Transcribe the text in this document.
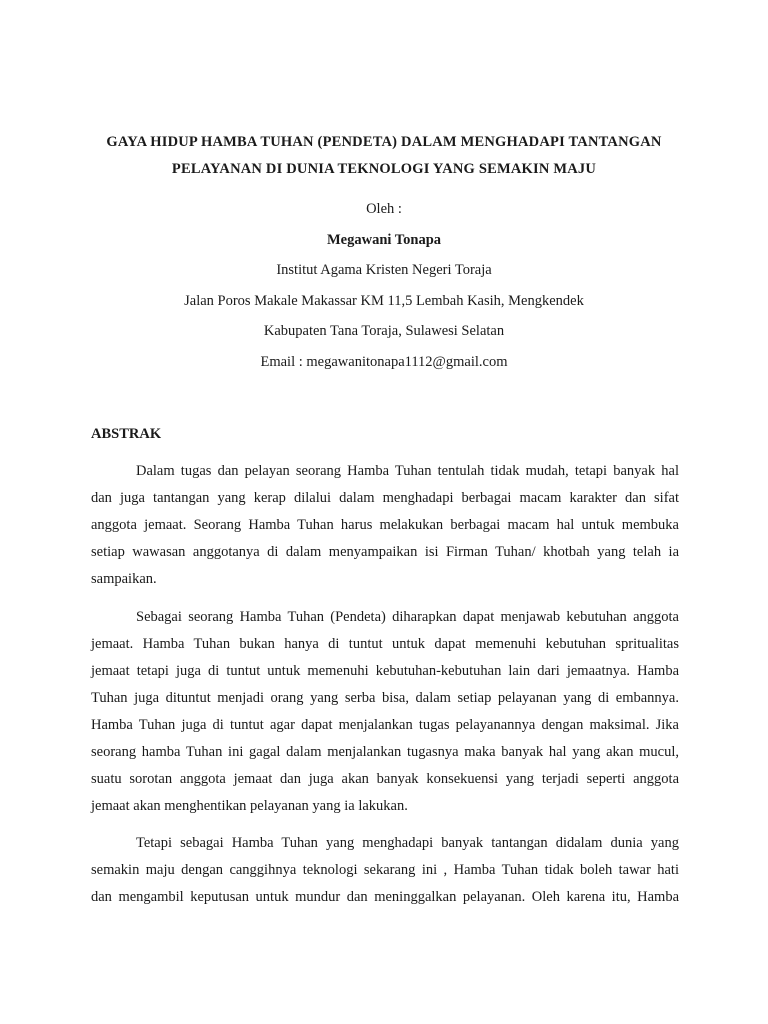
GAYA HIDUP HAMBA TUHAN (PENDETA) DALAM MENGHADAPI TANTANGAN
PELAYANAN DI DUNIA TEKNOLOGI YANG SEMAKIN MAJU
Oleh :
Megawani Tonapa
Institut Agama Kristen Negeri Toraja
Jalan Poros Makale Makassar KM 11,5 Lembah Kasih, Mengkendek
Kabupaten Tana Toraja, Sulawesi Selatan
Email : megawanitonapa1112@gmail.com
ABSTRAK
Dalam tugas dan pelayan seorang Hamba Tuhan tentulah tidak mudah, tetapi banyak hal
dan juga tantangan yang kerap dilalui dalam menghadapi berbagai macam karakter dan sifat
anggota jemaat. Seorang Hamba Tuhan harus melakukan berbagai macam hal untuk membuka
setiap wawasan anggotanya di dalam menyampaikan isi Firman Tuhan/ khotbah yang telah ia
sampaikan.
Sebagai seorang Hamba Tuhan (Pendeta) diharapkan dapat menjawab kebutuhan anggota
jemaat. Hamba Tuhan bukan hanya di tuntut untuk dapat memenuhi kebutuhan spritualitas
jemaat tetapi juga di tuntut untuk memenuhi kebutuhan-kebutuhan lain dari jemaatnya. Hamba
Tuhan juga dituntut menjadi orang yang serba bisa, dalam setiap pelayanan yang di embannya.
Hamba Tuhan juga di tuntut agar dapat menjalankan tugas pelayanannya dengan maksimal. Jika
seorang hamba Tuhan ini gagal dalam menjalankan tugasnya maka banyak hal yang akan mucul,
suatu sorotan anggota jemaat dan juga akan banyak konsekuensi yang terjadi seperti anggota
jemaat akan menghentikan pelayanan yang ia lakukan.
Tetapi sebagai Hamba Tuhan yang menghadapi banyak tantangan didalam dunia yang
semakin maju dengan canggihnya teknologi sekarang ini , Hamba Tuhan tidak boleh tawar hati
dan mengambil keputusan untuk mundur dan meninggalkan pelayanan. Oleh karena itu, Hamba
